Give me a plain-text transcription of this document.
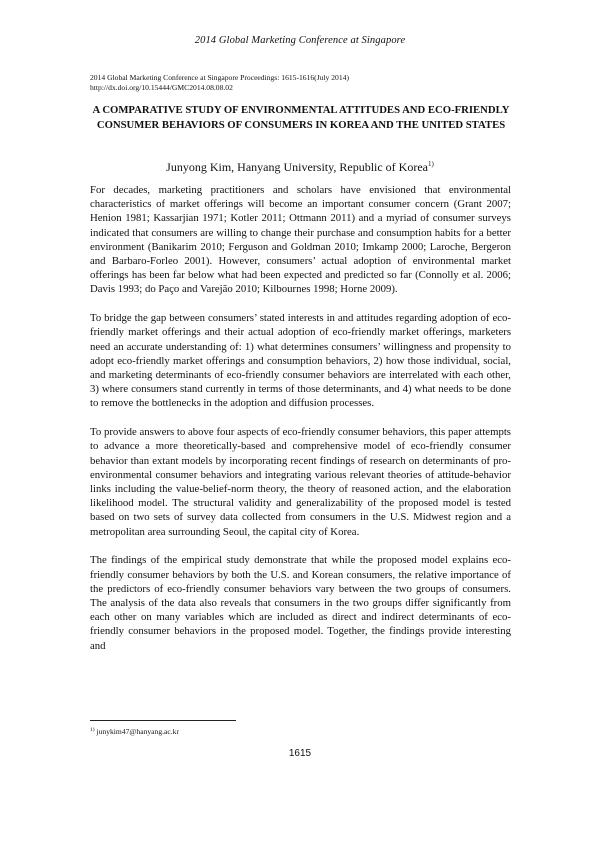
2014 Global Marketing Conference at Singapore
2014 Global Marketing Conference at Singapore Proceedings: 1615-1616(July 2014)
http://dx.doi.org/10.15444/GMC2014.08.08.02
A COMPARATIVE STUDY OF ENVIRONMENTAL ATTITUDES AND ECO-FRIENDLY CONSUMER BEHAVIORS OF CONSUMERS IN KOREA AND THE UNITED STATES
Junyong Kim, Hanyang University, Republic of Korea$^{1)}$

For decades, marketing practitioners and scholars have envisioned that environmental characteristics of market offerings will become an important consumer concern (Grant 2007; Henion 1981; Kassarjian 1971; Kotler 2011; Ottmann 2011) and a myriad of consumer surveys indicated that consumers are willing to change their purchase and consumption habits for a better environment (Banikarim 2010; Ferguson and Goldman 2010; Imkamp 2000; Laroche, Bergeron and Barbaro-Forleo 2001). However, consumers’ actual adoption of environmental market offerings has been far below what had been expected and predicted so far (Connolly et al. 2006; Davis 1993; do Paço and Varejão 2010; Kilbournes 1998; Horne 2009).

To bridge the gap between consumers’ stated interests in and attitudes regarding adoption of eco-friendly market offerings and their actual adoption of eco-friendly market offerings, marketers need an accurate understanding of: 1) what determines consumers’ willingness and propensity to adopt eco-friendly market offerings and consumption behaviors, 2) how those individual, social, and marketing determinants of eco-friendly consumer behaviors are interrelated with each other, 3) where consumers stand currently in terms of those determinants, and 4) what needs to be done to remove the bottlenecks in the adoption and diffusion processes.

To provide answers to above four aspects of eco-friendly consumer behaviors, this paper attempts to advance a more theoretically-based and comprehensive model of eco-friendly consumer behavior than extant models by incorporating recent findings of research on determinants of pro-environmental consumer behaviors and integrating various relevant theories of attitude-behavior links including the value-belief-norm theory, the theory of reasoned action, and the elaboration likelihood model. The structural validity and generalizability of the proposed model is tested based on two sets of survey data collected from consumers in the U.S. Midwest region and a metropolitan area surrounding Seoul, the capital city of Korea.

The findings of the empirical study demonstrate that while the proposed model explains eco-friendly consumer behaviors by both the U.S. and Korean consumers, the relative importance of the predictors of eco-friendly consumer behaviors vary between the two groups of consumers. The analysis of the data also reveals that consumers in the two groups differ significantly from each other on many variables which are included as direct and indirect determinants of eco-friendly consumer behaviors in the proposed model. Together, the findings provide interesting and

$^{1)}$ junykim47@hanyang.ac.kr
1615
